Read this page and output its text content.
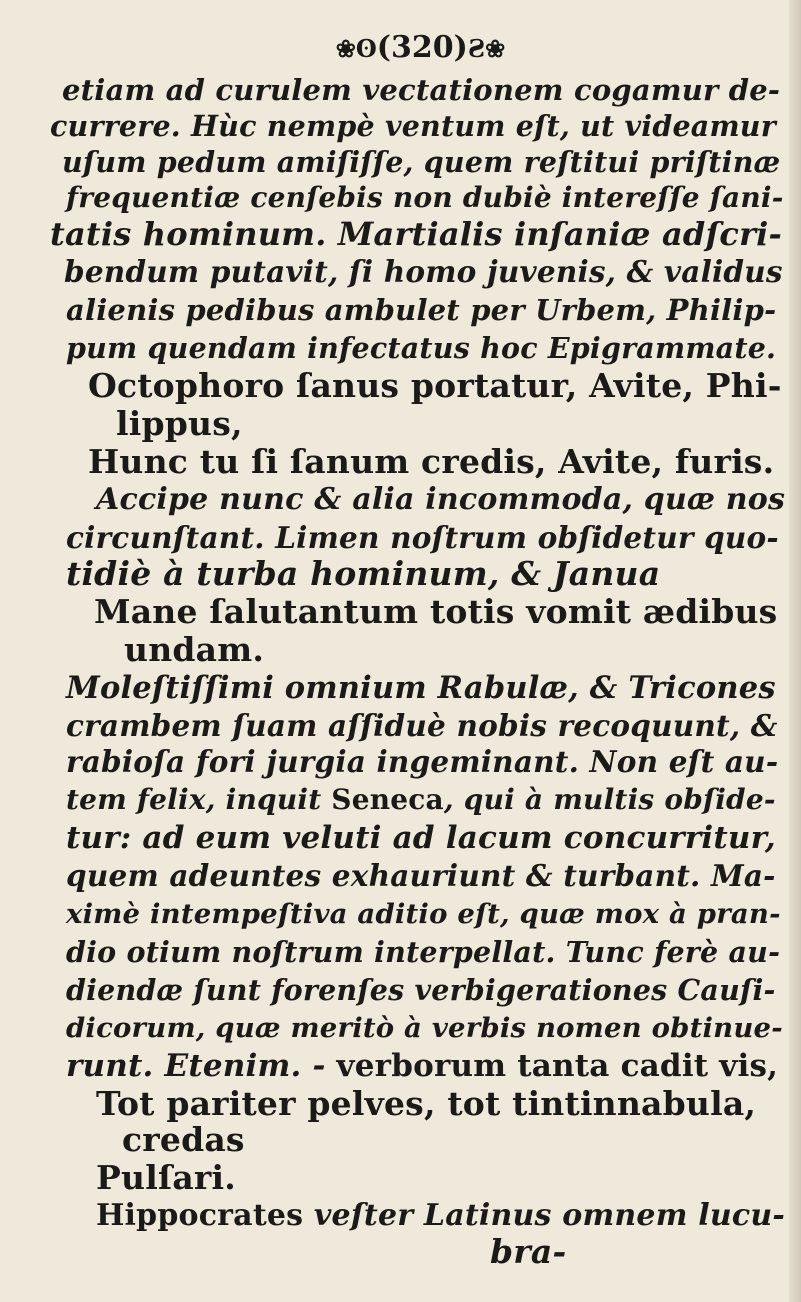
❀ʘ(320)Ƨ❀
etiam ad curulem vectationem cogamur de-
currere. Hùc nempè ventum eſt, ut videamur
uſum pedum amiſiſſe, quem reſtitui priſtinæ
frequentiæ cenſebis non dubiè intereſſe ſani-
tatis hominum. Martialis inſaniæ adſcri-
bendum putavit, ſi homo juvenis, & validus
alienis pedibus ambulet per Urbem, Philip-
pum quendam infectatus hoc Epigrammate.
Octophoro ſanus portatur, Avite, Phi-
lippus,
Hunc tu ſi ſanum credis, Avite, furis.
Accipe nunc & alia incommoda, quæ nos
circunſtant. Limen noſtrum obſidetur quo-
tidiè à turba hominum, & Janua
Mane ſalutantum totis vomit ædibus
undam.
Moleſtiſſimi omnium Rabulæ, & Tricones
crambem ſuam aſſiduè nobis recoquunt, &
rabioſa fori jurgia ingeminant. Non eſt au-
tem felix, inquit Seneca, qui à multis obſide-
tur: ad eum veluti ad lacum concurritur,
quem adeuntes exhauriunt & turbant. Ma-
ximè intempeſtiva aditio eſt, quæ mox à pran-
dio otium noſtrum interpellat. Tunc ferè au-
diendæ ſunt forenſes verbigerationes Cauſi-
dicorum, quæ meritò à verbis nomen obtinue-
runt. Etenim. - verborum tanta cadit vis,
Tot pariter pelves, tot tintinnabula,
credas
Pulſari.
Hippocrates veſter Latinus omnem lucu-
bra-
